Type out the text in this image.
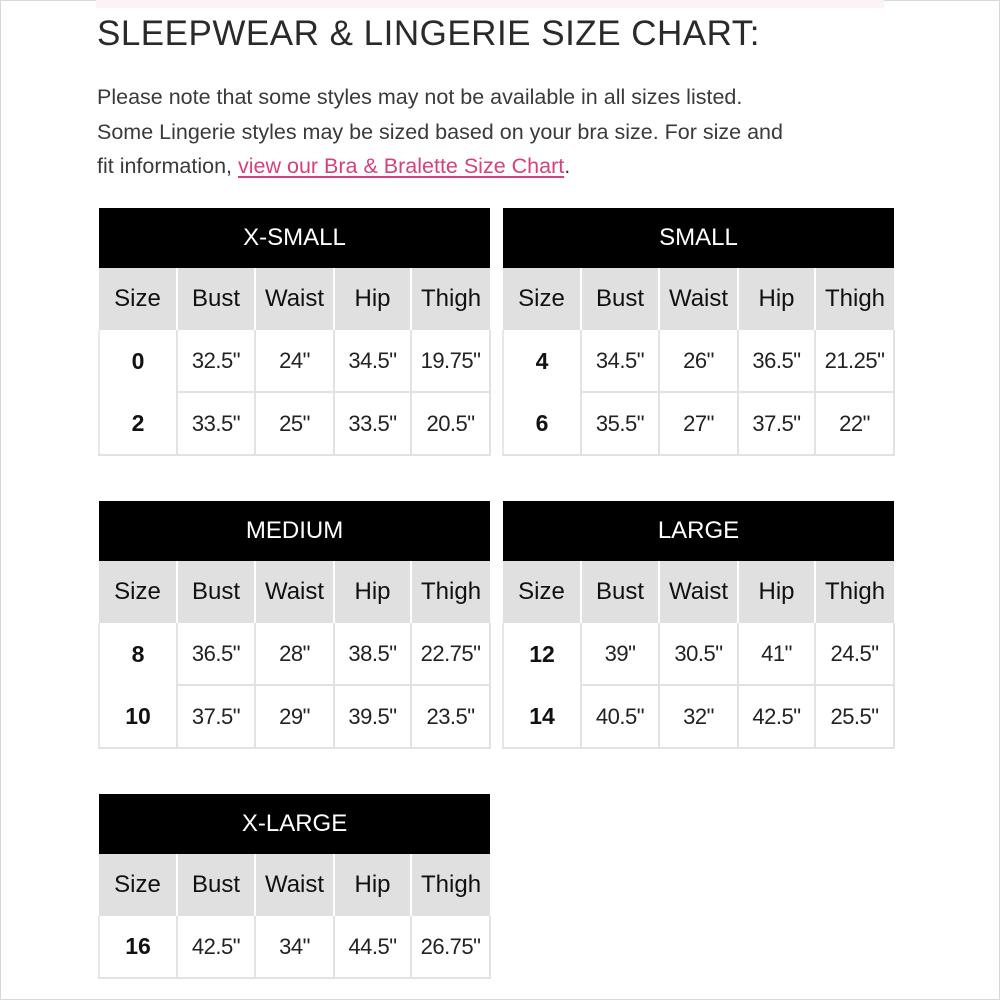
SLEEPWEAR & LINGERIE SIZE CHART:

Please note that some styles may not be available in all sizes listed.
Some Lingerie styles may be sized based on your bra size. For size and
fit information, view our Bra & Bralette Size Chart.

X-SMALL				
Size	Bust	Waist	Hip	Thigh
0	32.5"	24"	34.5"	19.75"
2	33.5"	25"	33.5"	20.5"
SMALL				
Size	Bust	Waist	Hip	Thigh
4	34.5"	26"	36.5"	21.25"
6	35.5"	27"	37.5"	22"
MEDIUM				
Size	Bust	Waist	Hip	Thigh
8	36.5"	28"	38.5"	22.75"
10	37.5"	29"	39.5"	23.5"
LARGE				
Size	Bust	Waist	Hip	Thigh
12	39"	30.5"	41"	24.5"
14	40.5"	32"	42.5"	25.5"
X-LARGE				
Size	Bust	Waist	Hip	Thigh
16	42.5"	34"	44.5"	26.75"
